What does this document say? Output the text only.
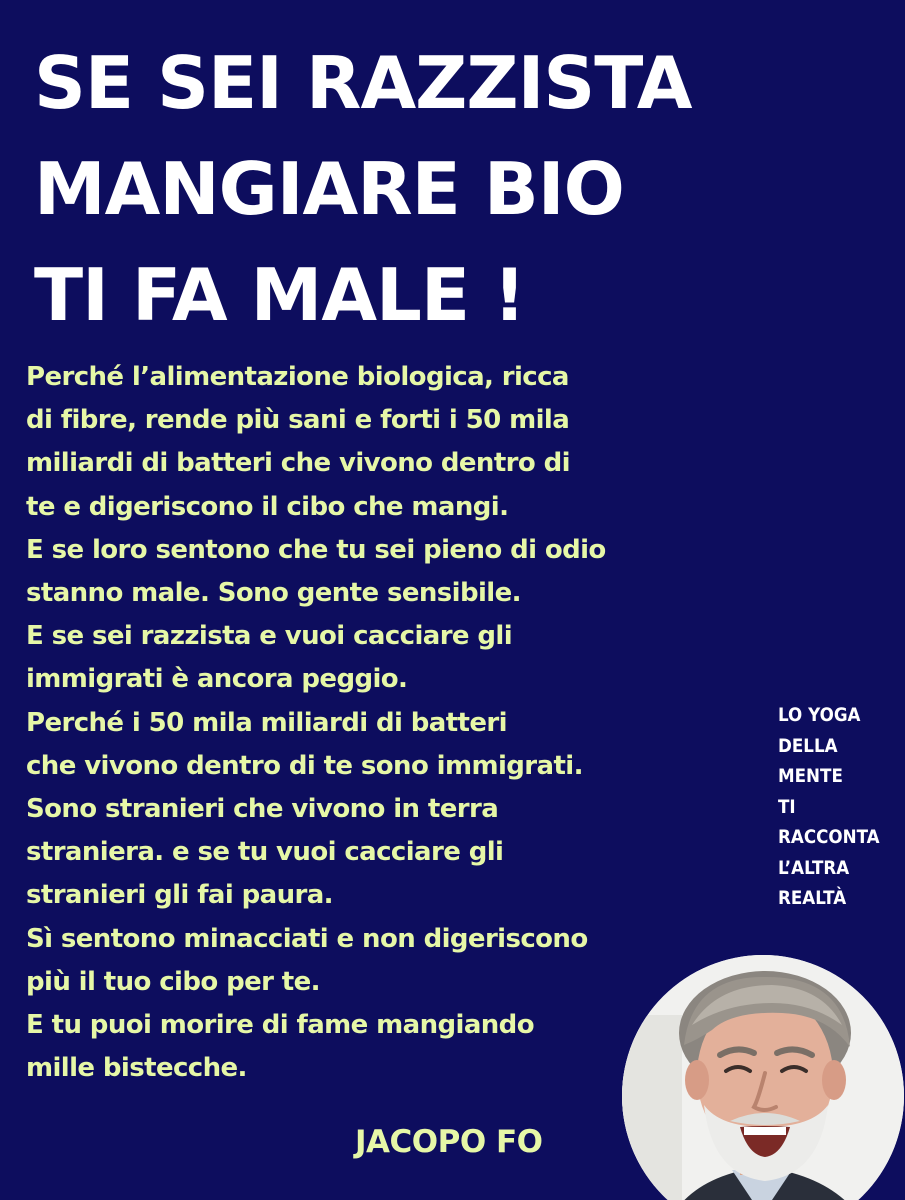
SE SEI RAZZISTA
MANGIARE BIO
TI FA MALE !
Perché l’alimentazione biologica, ricca
di fibre, rende più sani e forti i 50 mila
miliardi di batteri che vivono dentro di
te e digeriscono il cibo che mangi.
E se loro sentono che tu sei pieno di odio
stanno male. Sono gente sensibile.
E se sei razzista e vuoi cacciare gli
immigrati è ancora peggio.
Perché i 50 mila miliardi di batteri
che vivono dentro di te sono immigrati.
Sono stranieri che vivono in terra
straniera. e se tu vuoi cacciare gli
stranieri gli fai paura.
Sì sentono minacciati e non digeriscono
più il tuo cibo per te.
E tu puoi morire di fame mangiando
mille bistecche.
LO YOGA
DELLA
MENTE
TI
RACCONTA
L’ALTRA
REALTÀ
JACOPO FO
